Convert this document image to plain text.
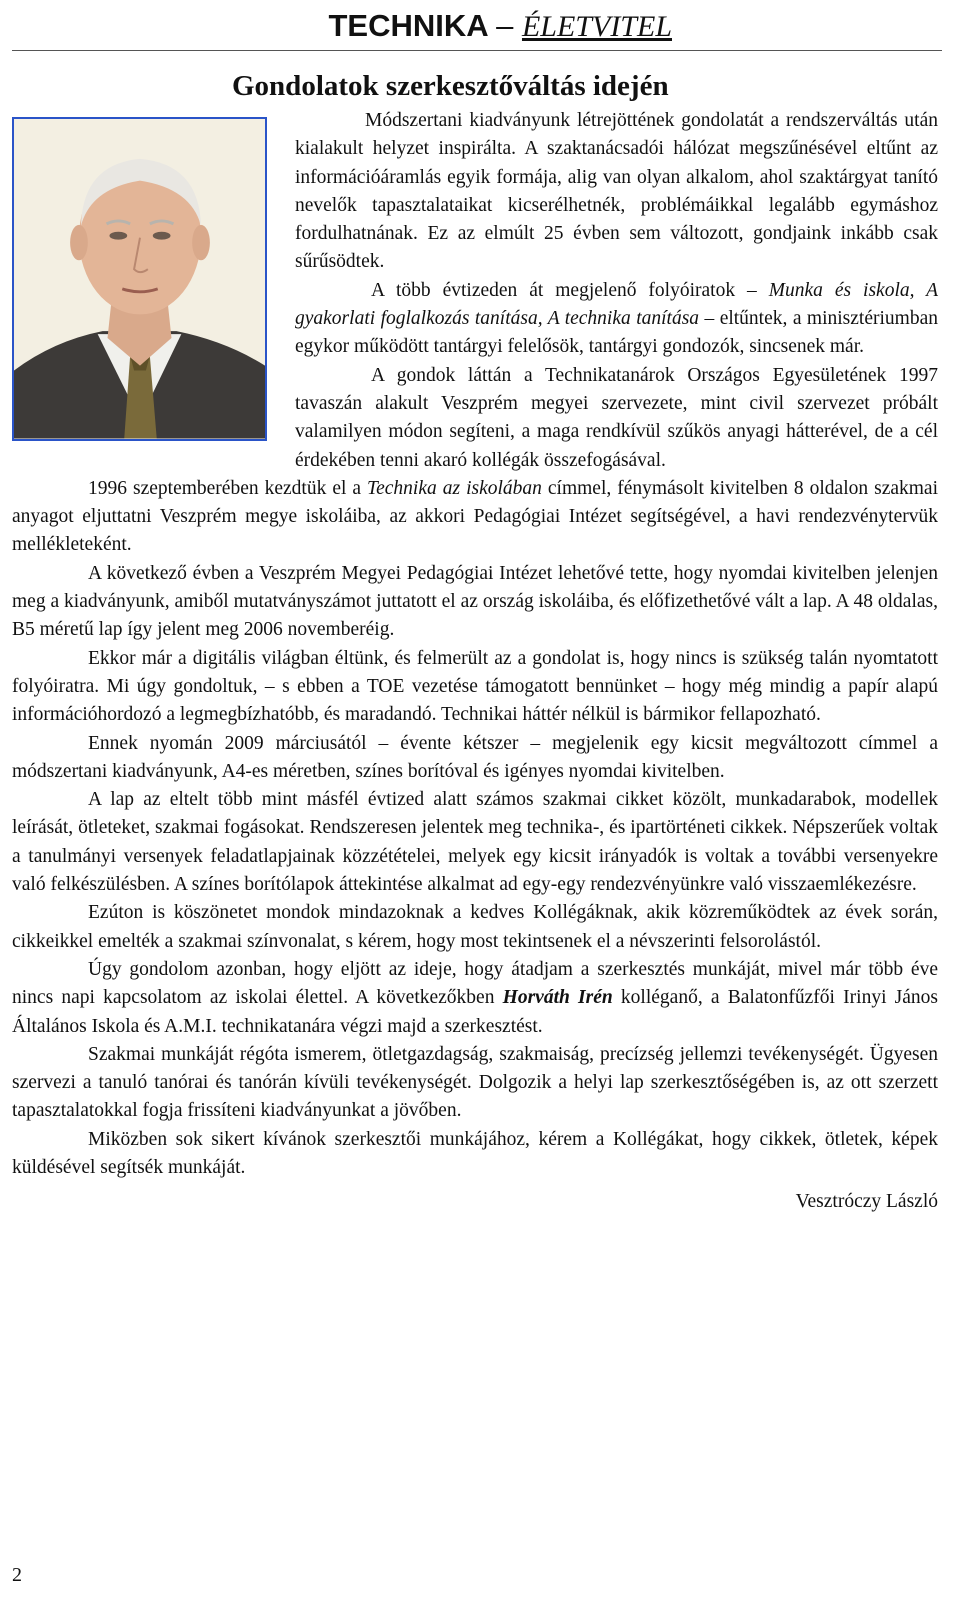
TECHNIKA – ÉLETVITEL
Gondolatok szerkesztőváltás idején

Módszertani kiadványunk létrejöttének gondolatát a rendszerváltás után kialakult helyzet inspirálta. A szaktanácsadói hálózat megszűnésével eltűnt az információáramlás egyik formája, alig van olyan alkalom, ahol szaktárgyat tanító nevelők tapasztalataikat kicserélhetnék, problémáikkal legalább egymáshoz fordulhatnának. Ez az elmúlt 25 évben sem változott, gondjaink inkább csak sűrűsödtek.

A több évtizeden át megjelenő folyóiratok – Munka és iskola, A gyakorlati foglalkozás tanítása, A technika tanítása – eltűntek, a minisztériumban egykor működött tantárgyi felelősök, tantárgyi gondozók, sincsenek már.

A gondok láttán a Technikatanárok Országos Egyesületének 1997 tavaszán alakult Veszprém megyei szervezete, mint civil szervezet próbált valamilyen módon segíteni, a maga rendkívül szűkös anyagi hátterével, de a cél érdekében tenni akaró kollégák összefogásával.

1996 szeptemberében kezdtük el a Technika az iskolában címmel, fénymásolt kivitelben 8 oldalon szakmai anyagot eljuttatni Veszprém megye iskoláiba, az akkori Pedagógiai Intézet segítségével, a havi rendezvénytervük mellékleteként.

A következő évben a Veszprém Megyei Pedagógiai Intézet lehetővé tette, hogy nyomdai kivitelben jelenjen meg a kiadványunk, amiből mutatványszámot juttatott el az ország iskoláiba, és előfizethetővé vált a lap. A 48 oldalas, B5 méretű lap így jelent meg 2006 novemberéig.

Ekkor már a digitális világban éltünk, és felmerült az a gondolat is, hogy nincs is szükség talán nyomtatott folyóiratra. Mi úgy gondoltuk, – s ebben a TOE vezetése támogatott bennünket – hogy még mindig a papír alapú információhordozó a legmegbízhatóbb, és maradandó. Technikai háttér nélkül is bármikor fellapozható.

Ennek nyomán 2009 márciusától – évente kétszer – megjelenik egy kicsit megváltozott címmel a módszertani kiadványunk, A4-es méretben, színes borítóval és igényes nyomdai kivitelben.

A lap az eltelt több mint másfél évtized alatt számos szakmai cikket közölt, munkadarabok, modellek leírását, ötleteket, szakmai fogásokat. Rendszeresen jelentek meg technika-, és ipartörténeti cikkek. Népszerűek voltak a tanulmányi versenyek feladatlapjainak közzétételei, melyek egy kicsit irányadók is voltak a további versenyekre való felkészülésben. A színes borítólapok áttekintése alkalmat ad egy-egy rendezvényünkre való visszaemlékezésre.

Ezúton is köszönetet mondok mindazoknak a kedves Kollégáknak, akik közreműködtek az évek során, cikkeikkel emelték a szakmai színvonalat, s kérem, hogy most tekintsenek el a névszerinti felsorolástól.

Úgy gondolom azonban, hogy eljött az ideje, hogy átadjam a szerkesztés munkáját, mivel már több éve nincs napi kapcsolatom az iskolai élettel. A következőkben Horváth Irén kolléganő, a Balatonfűzfői Irinyi János Általános Iskola és A.M.I. technikatanára végzi majd a szerkesztést.

Szakmai munkáját régóta ismerem, ötletgazdagság, szakmaiság, precízség jellemzi tevékenységét. Ügyesen szervezi a tanuló tanórai és tanórán kívüli tevékenységét. Dolgozik a helyi lap szerkesztőségében is, az ott szerzett tapasztalatokkal fogja frissíteni kiadványunkat a jövőben.

Miközben sok sikert kívánok szerkesztői munkájához, kérem a Kollégákat, hogy cikkek, ötletek, képek küldésével segítsék munkáját.

Vesztróczy László

2
